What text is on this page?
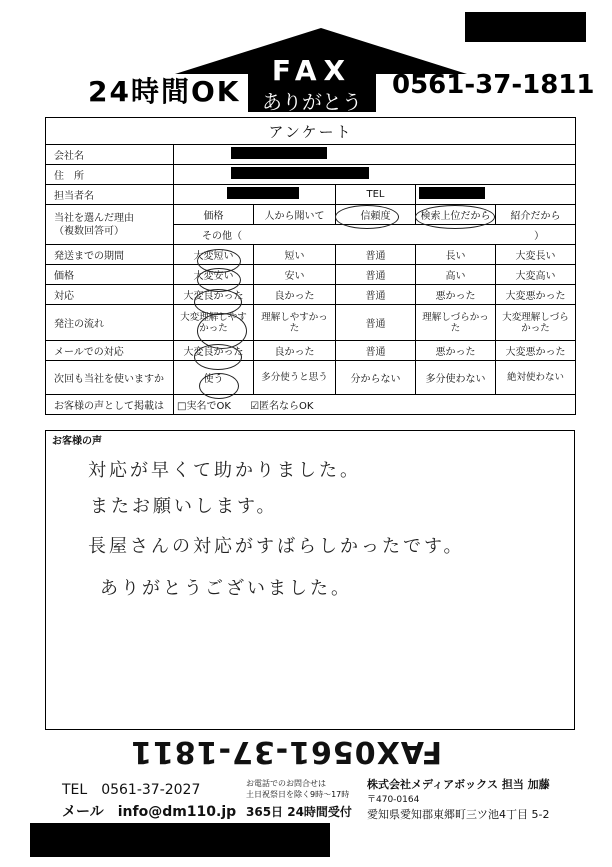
24時間OK
FAX
ありがとう
0561-37-1811
アンケート					
会社名					
住　所					
担当者名			TEL		

当社を選んだ理由
（複数回答可）	価格	人から聞いて	信頼度	検索上位だから	紹介だから
	その他（ ）				

発送までの期間	大変短い	短い	普通	長い	大変長い
価格	大変安い	安い	普通	高い	大変高い
対応	大変良かった	良かった	普通	悪かった	大変悪かった
発注の流れ	大変理解しやすかった	理解しやすかった	普通	理解しづらかった	大変理解しづらかった
メールでの対応	大変良かった	良かった	普通	悪かった	大変悪かった
次回も当社を使いますか	使う	多分使うと思う	分からない	多分使わない	絶対使わない
お客様の声として掲載は	□実名でOK ☑匿名ならOK				
お客様の声
対応が早くて助かりました。
またお願いします。
長屋さんの対応がすばらしかったです。
ありがとうございました。
FAX0561-37-1811
TEL　0561-37-2027
メール　info@dm110.jp
お電話でのお問合せは
土日祝祭日を除く9時〜17時
365日 24時間受付
株式会社メディアボックス 担当 加藤
〒470-0164
愛知県愛知郡東郷町三ツ池4丁目 5-2
